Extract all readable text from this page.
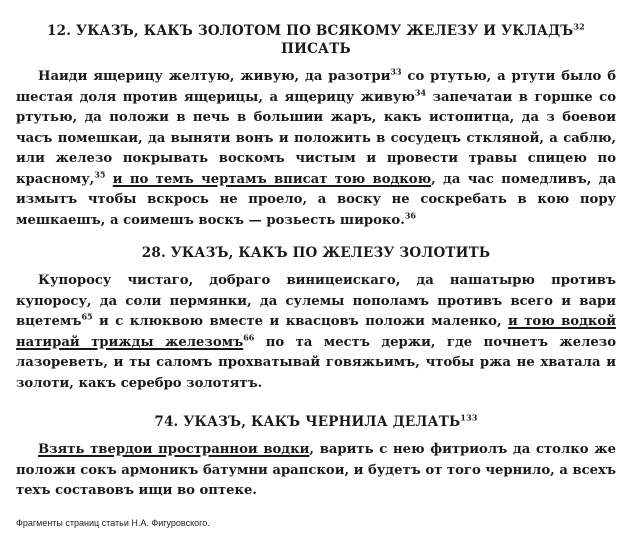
12. УКАЗЪ, КАКЪ ЗОЛОТОМ ПО ВСЯКОМУ ЖЕЛЕЗУ И УКЛАДЪ$^{32}$
ПИСАТЬ

Наиди ящерицу желтую, живую, да разотри$^{33}$ со ртутью, а ртути было б шестая доля против ящерицы, а ящерицу живую$^{34}$ запечатаи в горшке со ртутью, да положи в печь в большии жаръ, какъ истопитца, да з боевои часъ помешкаи, да выняти вонъ и положить в сосудецъ сткляной, а саблю, или железо покрывать воскомъ чистым и провести травы спицею по красному,$^{35}$ и по темъ чертамъ вписат тою водкою, да час помедливъ, да измытъ чтобы вскрось не проело, а воску не соскребать в кою пору мешкаешъ, а соимешъ воскъ — розьесть широко.$^{36}$

28. УКАЗЪ, КАКЪ ПО ЖЕЛЕЗУ ЗОЛОТИТЬ

Купоросу чистаго, добраго виницеискаго, да нашатырю противъ купоросу, да соли пермянки, да сулемы пополамъ противъ всего и вари вцетемъ$^{65}$ и с клюквою вместе и квасцовъ положи маленко, и тою водкой натирай трижды железомъ$^{66}$ по та местъ держи, где почнетъ железо лазореветь, и ты саломъ прохватывай говяжьимъ, чтобы ржа не хватала и золоти, какъ серебро золотятъ.

74. УКАЗЪ, КАКЪ ЧЕРНИЛА ДЕЛАТЬ$^{133}$

Взять твердои пространнои водки, варить с нею фитриолъ да столко же положи сокъ армоникъ батумни арапскои, и будетъ от того чернило, а всехъ техъ составовъ ищи во оптеке.

Фрагменты страниц статьи Н.А. Фигуровского.
